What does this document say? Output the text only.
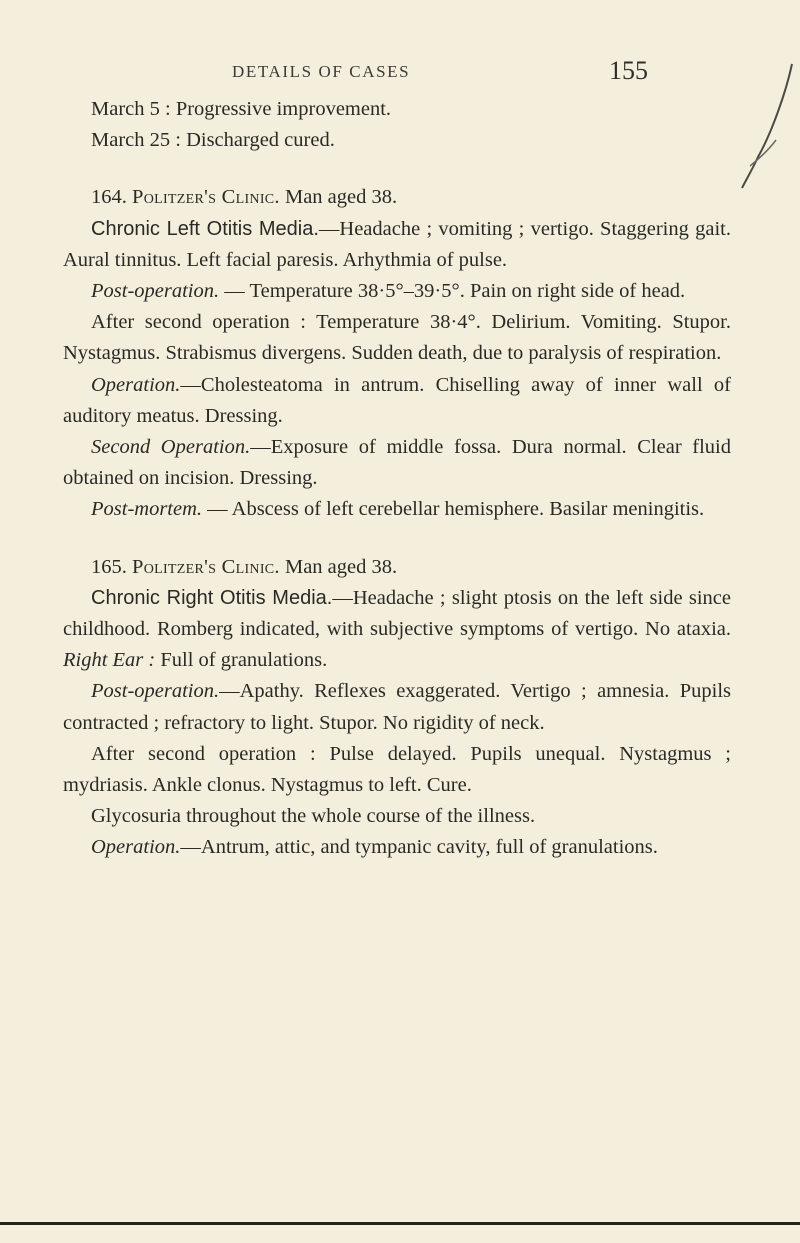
DETAILS OF CASES	155

March 5 : Progressive improvement.

March 25 : Discharged cured.

164. Politzer's Clinic. Man aged 38.

Chronic Left Otitis Media.—Headache ; vomiting ; vertigo. Staggering gait. Aural tinnitus. Left facial paresis. Arhythmia of pulse.

Post-operation. — Temperature 38·5°–39·5°. Pain on right side of head.

After second operation : Temperature 38·4°. Delirium. Vomiting. Stupor. Nystagmus. Strabismus divergens. Sudden death, due to paralysis of respiration.

Operation.—Cholesteatoma in antrum. Chiselling away of inner wall of auditory meatus. Dressing.

Second Operation.—Exposure of middle fossa. Dura normal. Clear fluid obtained on incision. Dressing.

Post-mortem. — Abscess of left cerebellar hemisphere. Basilar meningitis.

165. Politzer's Clinic. Man aged 38.

Chronic Right Otitis Media.—Headache ; slight ptosis on the left side since childhood. Romberg indicated, with subjective symptoms of vertigo. No ataxia. Right Ear : Full of granulations.

Post-operation.—Apathy. Reflexes exaggerated. Vertigo ; amnesia. Pupils contracted ; refractory to light. Stupor. No rigidity of neck.

After second operation : Pulse delayed. Pupils unequal. Nystagmus ; mydriasis. Ankle clonus. Nystagmus to left. Cure.

Glycosuria throughout the whole course of the illness.

Operation.—Antrum, attic, and tympanic cavity, full of granulations.
